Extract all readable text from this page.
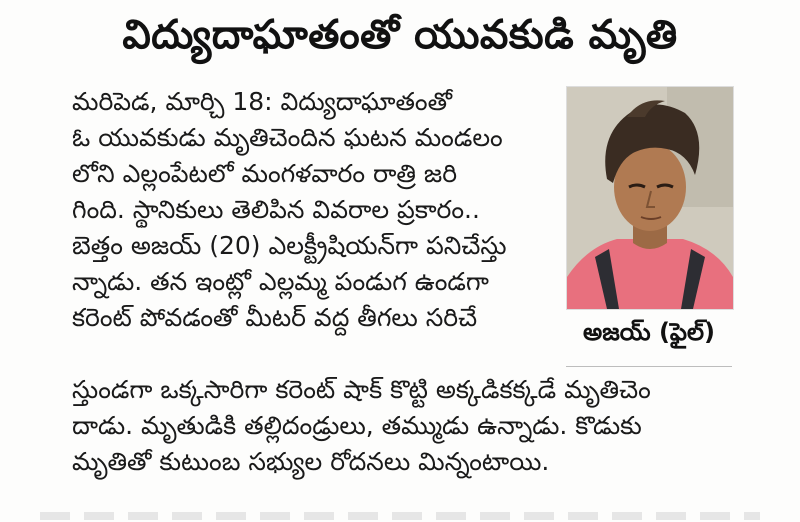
విద్యుదాఘాతంతో యువకుడి మృతి
మరిపెడ, మార్చి 18: విద్యుదాఘాతంతో
ఓ యువకుడు మృతిచెందిన ఘటన మండలం
లోని ఎల్లంపేటలో మంగళవారం రాత్రి జరి
గింది. స్థానికులు తెలిపిన వివరాల ప్రకారం..
బెత్తం అజయ్ (20) ఎలక్ట్రీషియన్‌గా పనిచేస్తు
న్నాడు. తన ఇంట్లో ఎల్లమ్మ పండుగ ఉండగా
కరెంట్ పోవడంతో మీటర్ వద్ద తీగలు సరిచే
స్తుండగా ఒక్కసారిగా కరెంట్ షాక్ కొట్టి అక్కడికక్కడే మృతిచెం
దాడు. మృతుడికి తల్లిదండ్రులు, తమ్ముడు ఉన్నాడు. కొడుకు
మృతితో కుటుంబ సభ్యుల రోదనలు మిన్నంటాయి.
అజయ్ (ఫైల్)
